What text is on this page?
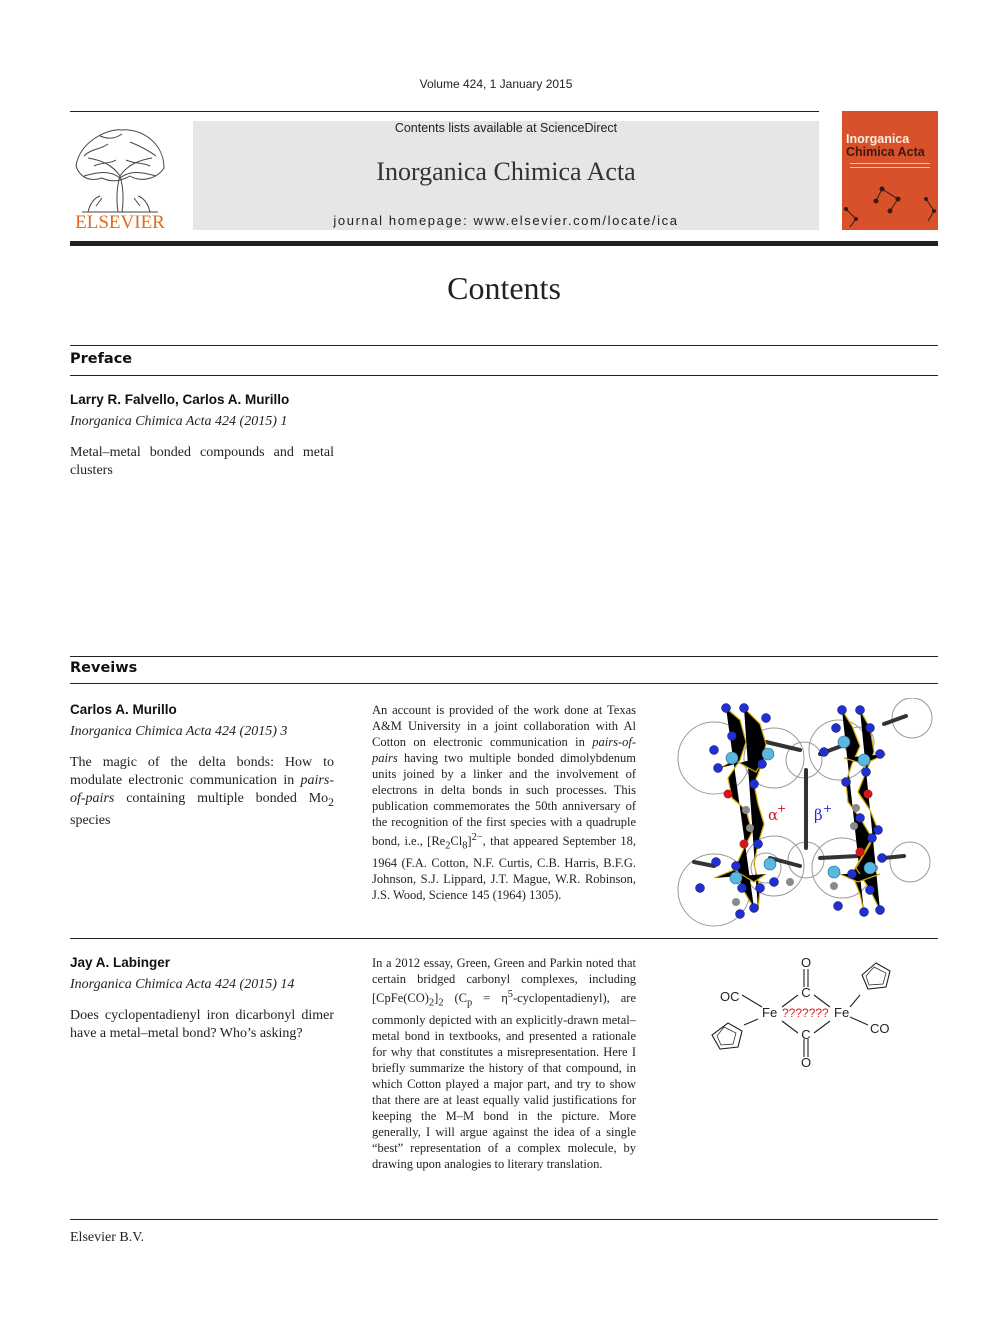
Volume 424, 1 January 2015
ELSEVIER
Contents lists available at ScienceDirect
Inorganica Chimica Acta
journal homepage: www.elsevier.com/locate/ica
Inorganica
Chimica Acta
Contents
Preface
Larry R. Falvello, Carlos A. Murillo
Inorganica Chimica Acta 424 (2015) 1
Metal–metal bonded compounds and metal clusters
Reveiws
Carlos A. Murillo
Inorganica Chimica Acta 424 (2015) 3
The magic of the delta bonds: How to modulate electronic communication in pairs-of-pairs containing multiple bonded $Mo_2$ species
An account is provided of the work done at Texas A&M University in a joint collaboration with Al Cotton on electronic communication in pairs-of-pairs having two multiple bonded dimolybdenum units joined by a linker and the involvement of electrons in delta bonds in such processes. This publication commemorates the 50th anniversary of the recognition of the first species with a quadruple bond, i.e., $[Re_2Cl_8]^{2-}$, that appeared September 18, 1964 (F.A. Cotton, N.F. Curtis, C.B. Harris, B.F.G. Johnson, S.J. Lippard, J.T. Mague, W.R. Robinson, J.S. Wood, Science 145 (1964) 1305).
α
+ β +
Jay A. Labinger
Inorganica Chimica Acta 424 (2015) 14
Does cyclopentadienyl iron dicarbonyl dimer have a metal–metal bond? Who’s asking?
In a 2012 essay, Green, Green and Parkin noted that certain bridged carbonyl complexes, including $[CpFe(CO)_2]_2$ ($C_p$ = $\eta^5-cyclopentadienyl$), are commonly depicted with an explicitly-drawn metal–metal bond in textbooks, and presented a rationale for why that constitutes a misrepresentation. Here I briefly summarize the history of that compound, in which Cotton played a major part, and try to show that there are at least equally valid justifications for keeping the M–M bond in the picture. More generally, I will argue against the idea of a single “best” representation of a complex molecule, by drawing upon analogies to literary translation.
O
C
C
O
OC
Fe	Fe
CO
???????
Elsevier B.V.
